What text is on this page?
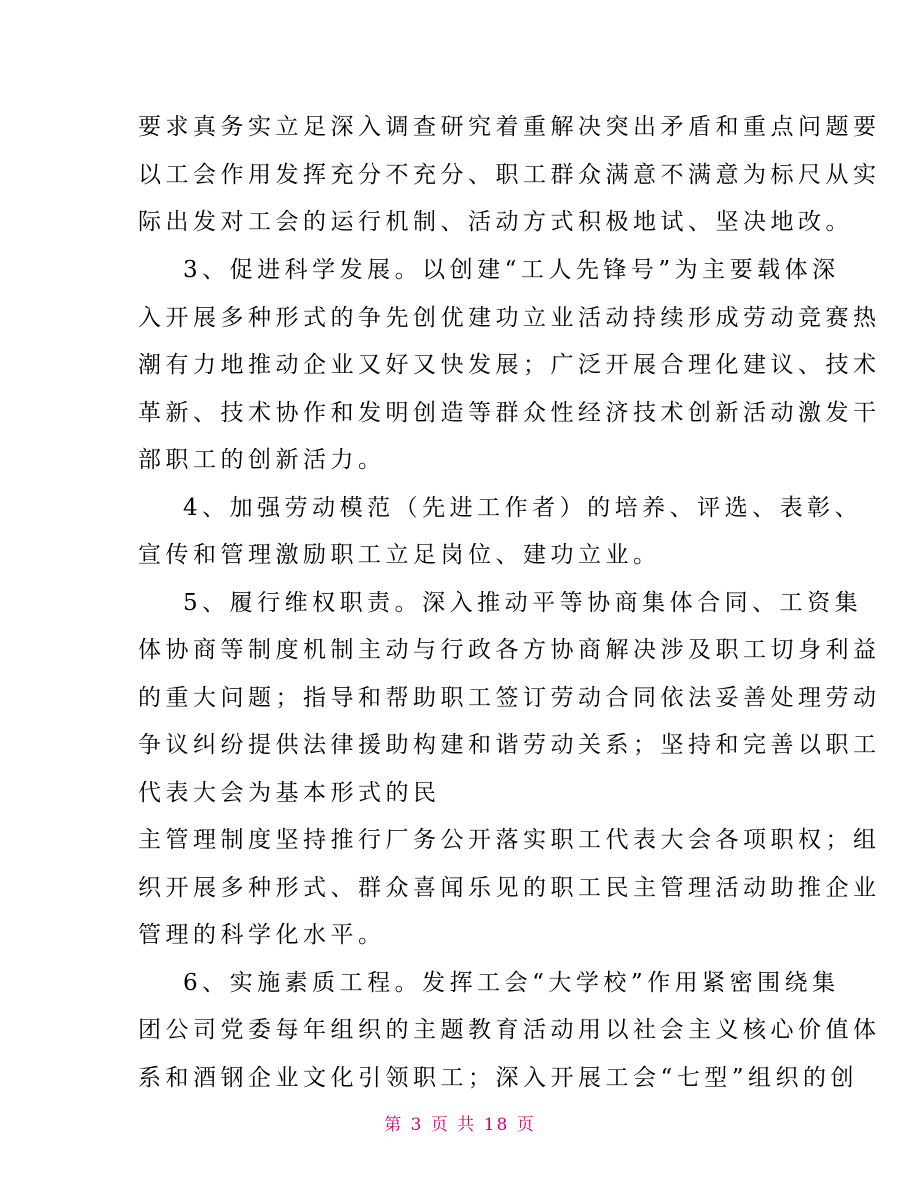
要求真务实立足深入调查研究着重解决突出矛盾和重点问题要
以工会作用发挥充分不充分、职工群众满意不满意为标尺从实
际出发对工会的运行机制、活动方式积极地试、坚决地改。
3、促进科学发展。以创建“工人先锋号”为主要载体深
入开展多种形式的争先创优建功立业活动持续形成劳动竞赛热
潮有力地推动企业又好又快发展；广泛开展合理化建议、技术
革新、技术协作和发明创造等群众性经济技术创新活动激发干
部职工的创新活力。
4、加强劳动模范（先进工作者）的培养、评选、表彰、
宣传和管理激励职工立足岗位、建功立业。
5、履行维权职责。深入推动平等协商集体合同、工资集
体协商等制度机制主动与行政各方协商解决涉及职工切身利益
的重大问题；指导和帮助职工签订劳动合同依法妥善处理劳动
争议纠纷提供法律援助构建和谐劳动关系；坚持和完善以职工
代表大会为基本形式的民
主管理制度坚持推行厂务公开落实职工代表大会各项职权；组
织开展多种形式、群众喜闻乐见的职工民主管理活动助推企业
管理的科学化水平。
6、实施素质工程。发挥工会“大学校”作用紧密围绕集
团公司党委每年组织的主题教育活动用以社会主义核心价值体
系和酒钢企业文化引领职工；深入开展工会“七型”组织的创
第 3 页 共 18 页
